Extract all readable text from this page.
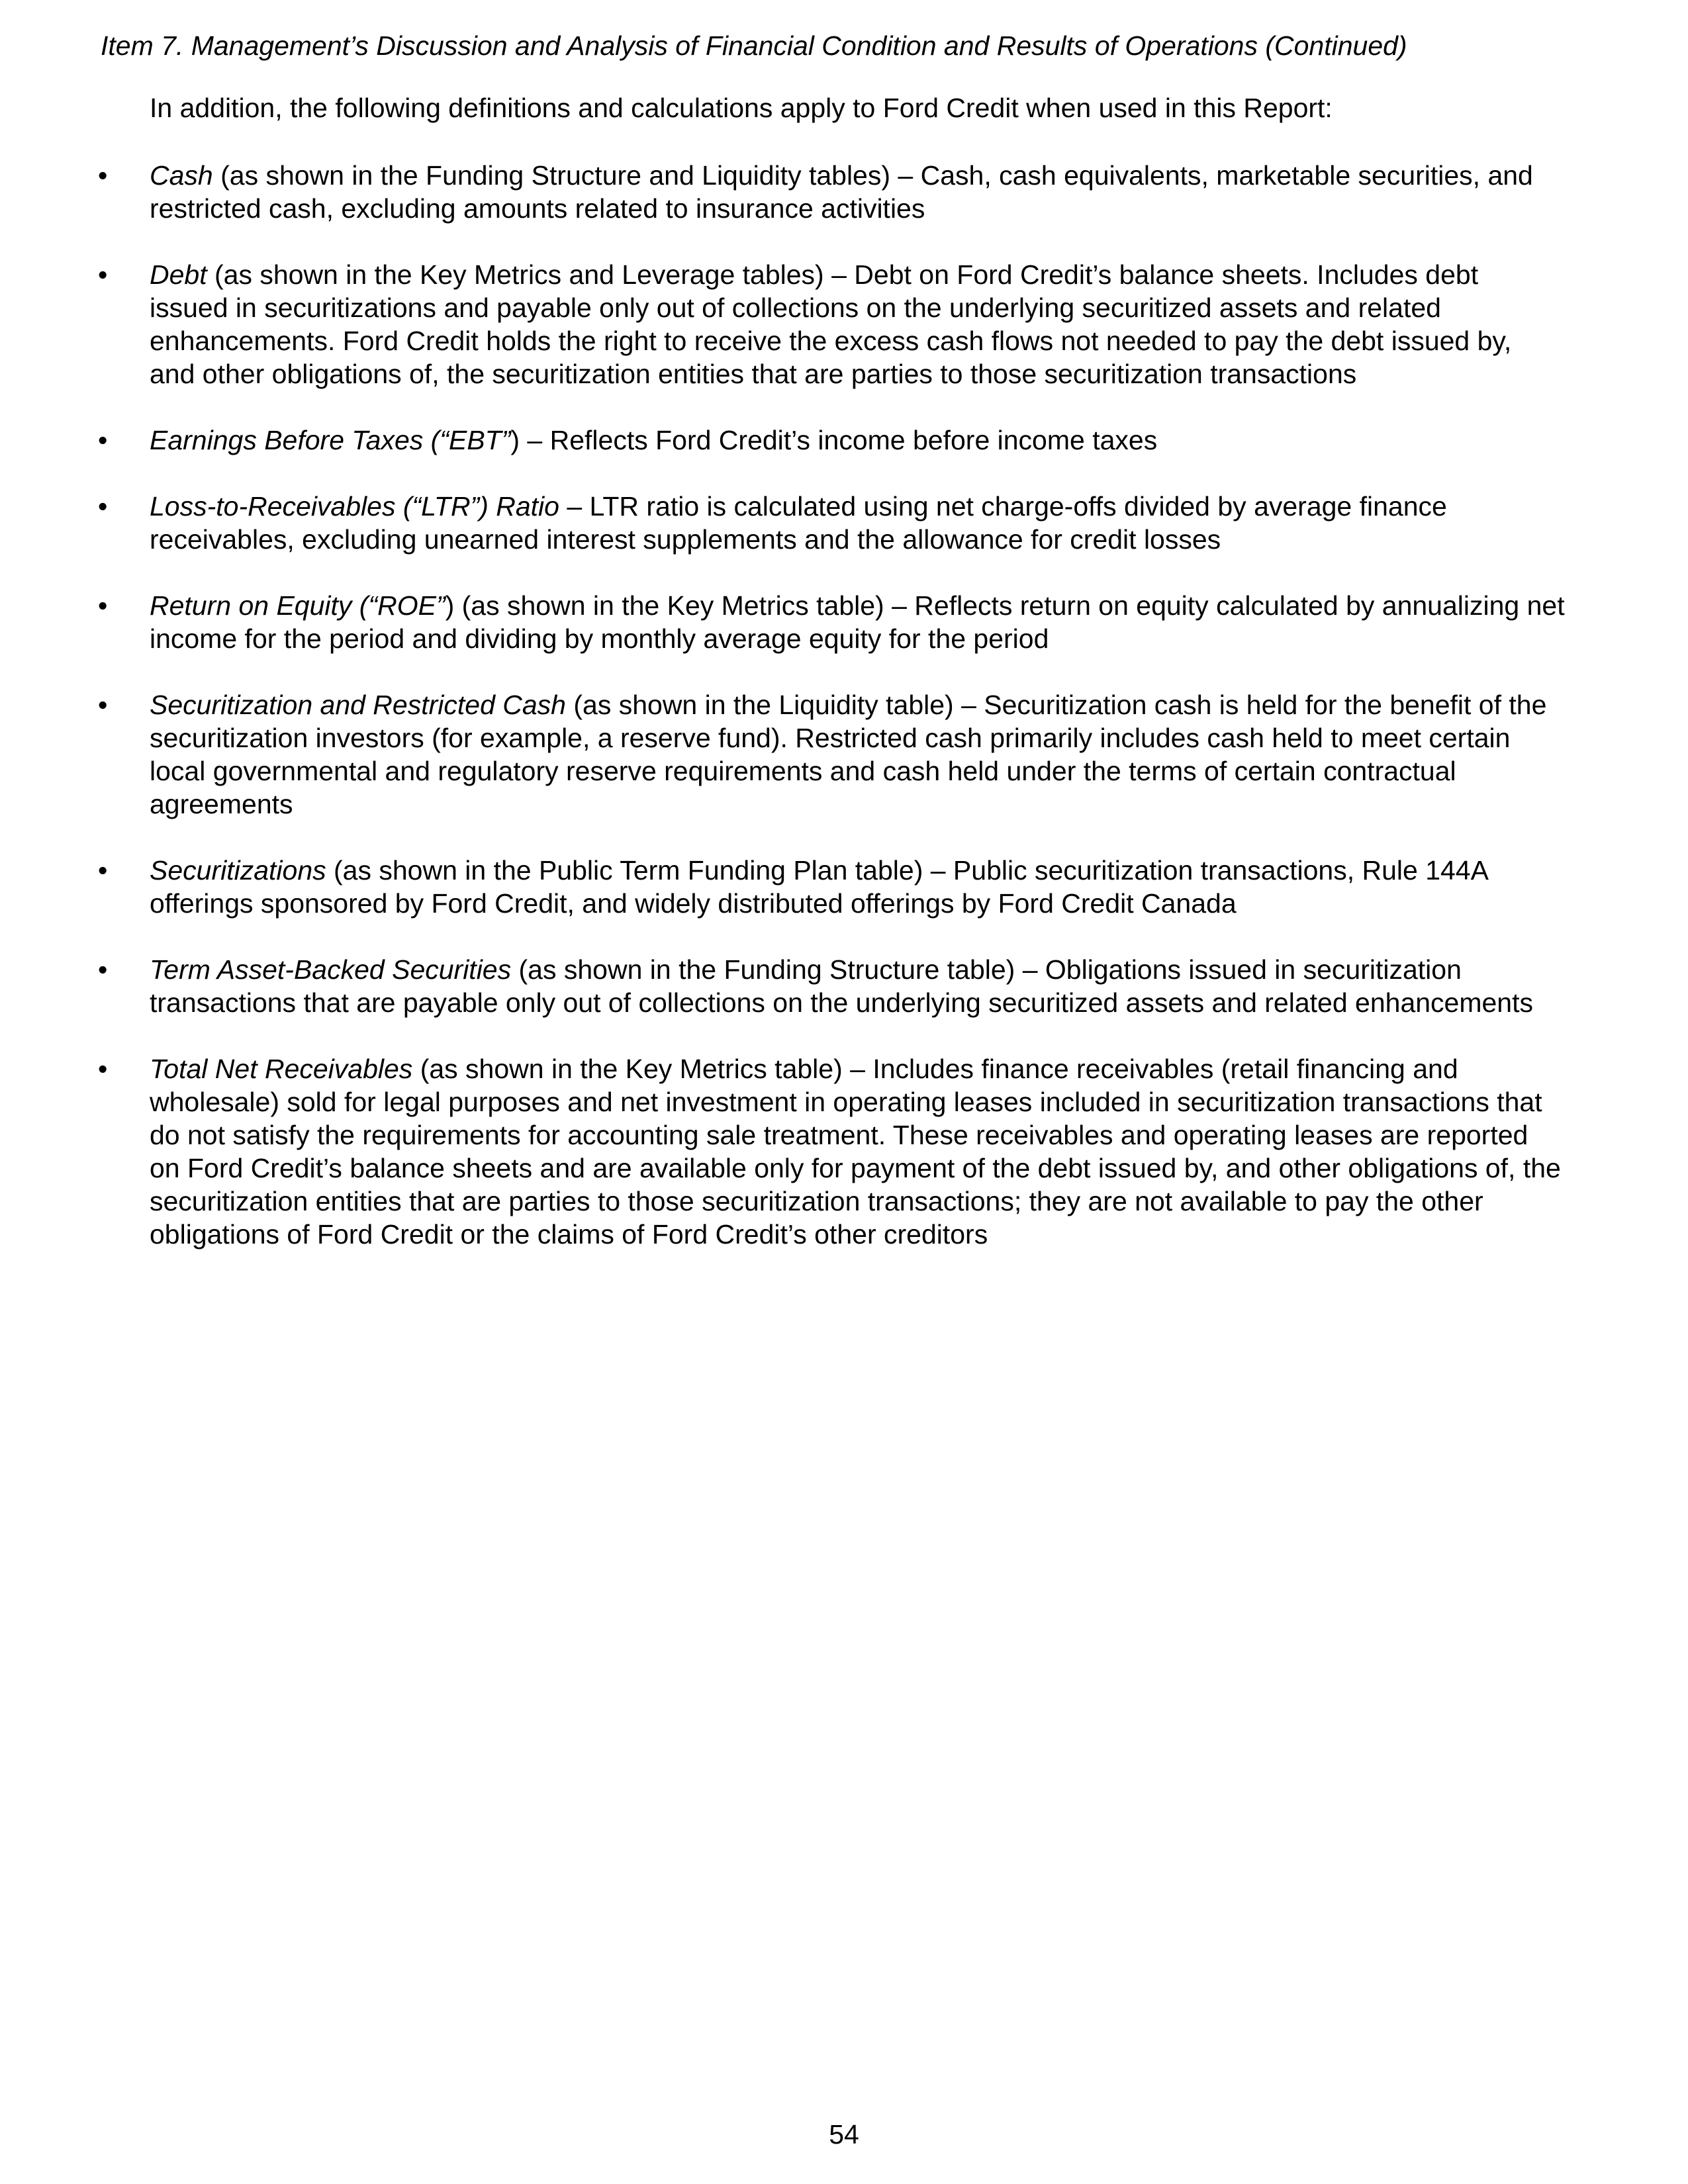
Item 7. Management’s Discussion and Analysis of Financial Condition and Results of Operations (Continued)
In addition, the following definitions and calculations apply to Ford Credit when used in this Report:
•	Cash (as shown in the Funding Structure and Liquidity tables) – Cash, cash equivalents, marketable securities, and
restricted cash, excluding amounts related to insurance activities
•	Debt (as shown in the Key Metrics and Leverage tables) – Debt on Ford Credit’s balance sheets. Includes debt
issued in securitizations and payable only out of collections on the underlying securitized assets and related
enhancements. Ford Credit holds the right to receive the excess cash flows not needed to pay the debt issued by,
and other obligations of, the securitization entities that are parties to those securitization transactions
•	Earnings Before Taxes (“EBT”) – Reflects Ford Credit’s income before income taxes
•	Loss-to-Receivables (“LTR”) Ratio – LTR ratio is calculated using net charge-offs divided by average finance
receivables, excluding unearned interest supplements and the allowance for credit losses
•	Return on Equity (“ROE”) (as shown in the Key Metrics table) – Reflects return on equity calculated by annualizing net
income for the period and dividing by monthly average equity for the period
•	Securitization and Restricted Cash (as shown in the Liquidity table) – Securitization cash is held for the benefit of the
securitization investors (for example, a reserve fund). Restricted cash primarily includes cash held to meet certain
local governmental and regulatory reserve requirements and cash held under the terms of certain contractual
agreements
•	Securitizations (as shown in the Public Term Funding Plan table) – Public securitization transactions, Rule 144A
offerings sponsored by Ford Credit, and widely distributed offerings by Ford Credit Canada
•	Term Asset-Backed Securities (as shown in the Funding Structure table) – Obligations issued in securitization
transactions that are payable only out of collections on the underlying securitized assets and related enhancements
•	Total Net Receivables (as shown in the Key Metrics table) – Includes finance receivables (retail financing and
wholesale) sold for legal purposes and net investment in operating leases included in securitization transactions that
do not satisfy the requirements for accounting sale treatment. These receivables and operating leases are reported
on Ford Credit’s balance sheets and are available only for payment of the debt issued by, and other obligations of, the
securitization entities that are parties to those securitization transactions; they are not available to pay the other
obligations of Ford Credit or the claims of Ford Credit’s other creditors
54
